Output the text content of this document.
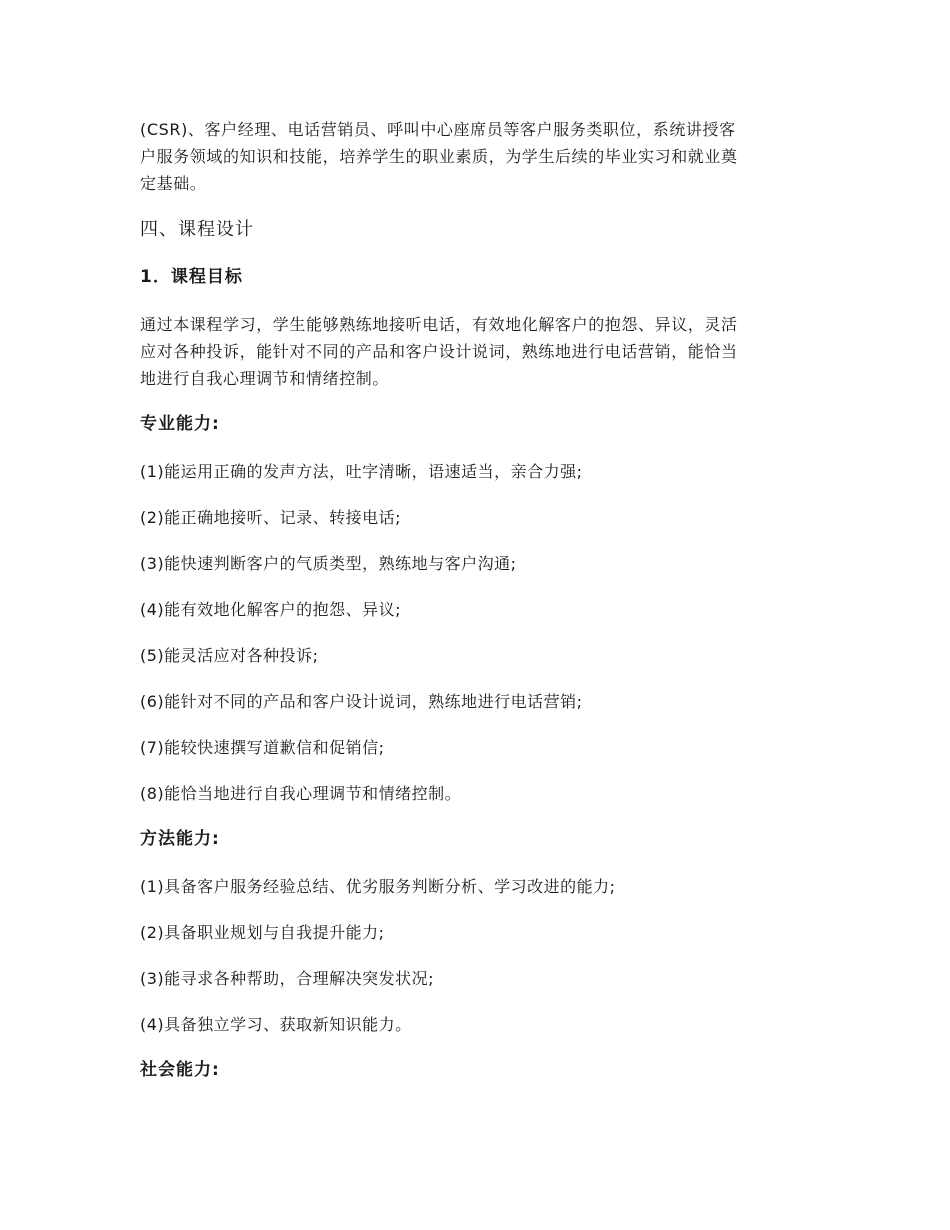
(CSR)、客户经理、电话营销员、呼叫中心座席员等客户服务类职位，系统讲授客
户服务领域的知识和技能，培养学生的职业素质，为学生后续的毕业实习和就业奠
定基础。

四、课程设计
1．课程目标

通过本课程学习，学生能够熟练地接听电话，有效地化解客户的抱怨、异议，灵活
应对各种投诉，能针对不同的产品和客户设计说词，熟练地进行电话营销，能恰当
地进行自我心理调节和情绪控制。

专业能力:
(1)能运用正确的发声方法，吐字清晰，语速适当，亲合力强;
(2)能正确地接听、记录、转接电话;
(3)能快速判断客户的气质类型，熟练地与客户沟通;
(4)能有效地化解客户的抱怨、异议;
(5)能灵活应对各种投诉;
(6)能针对不同的产品和客户设计说词，熟练地进行电话营销;
(7)能较快速撰写道歉信和促销信;
(8)能恰当地进行自我心理调节和情绪控制。
方法能力:
(1)具备客户服务经验总结、优劣服务判断分析、学习改进的能力;
(2)具备职业规划与自我提升能力;
(3)能寻求各种帮助，合理解决突发状况;
(4)具备独立学习、获取新知识能力。
社会能力:
